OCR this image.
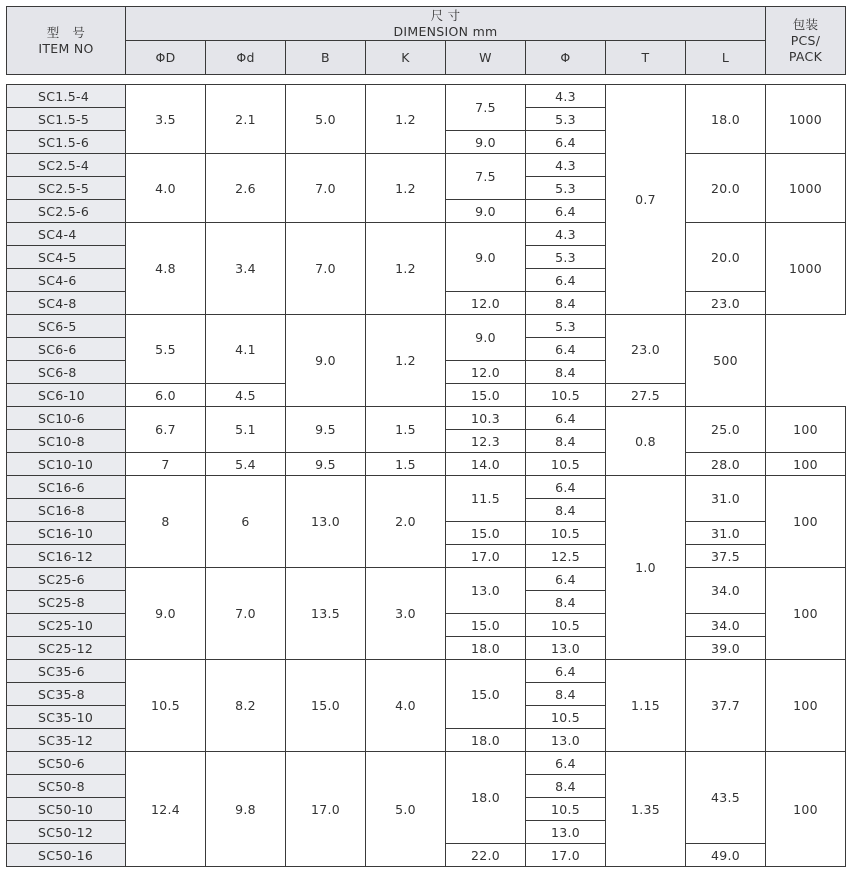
型　号
ITEM NO	尺 寸
DIMENSION mm								包装
PCS/
PACK

	ΦD	Φd	B	K	W	Φ	T	L	
SC1.5-4	3.5	2.1	5.0	1.2	7.5	4.3	0.7	18.0	1000
SC1.5-5						5.3			
SC1.5-6					9.0	6.4			
SC2.5-4	4.0	2.6	7.0	1.2	7.5	4.3		20.0	1000
SC2.5-5						5.3			
SC2.5-6					9.0	6.4			
SC4-4	4.8	3.4	7.0	1.2	9.0	4.3		20.0	1000
SC4-5						5.3			
SC4-6						6.4			
SC4-8					12.0	8.4		23.0	
SC6-5	5.5	4.1	9.0	1.2	9.0	5.3	23.0	500	
SC6-6						6.4			
SC6-8					12.0	8.4			
SC6-10	6.0	4.5			15.0	10.5	27.5		
SC10-6	6.7	5.1	9.5	1.5	10.3	6.4	0.8	25.0	100
SC10-8					12.3	8.4			
SC10-10	7	5.4	9.5	1.5	14.0	10.5		28.0	100
SC16-6	8	6	13.0	2.0	11.5	6.4	1.0	31.0	100
SC16-8						8.4			
SC16-10					15.0	10.5		31.0	
SC16-12					17.0	12.5		37.5	
SC25-6	9.0	7.0	13.5	3.0	13.0	6.4		34.0	100
SC25-8						8.4			
SC25-10					15.0	10.5		34.0	
SC25-12					18.0	13.0		39.0	
SC35-6	10.5	8.2	15.0	4.0	15.0	6.4	1.15	37.7	100
SC35-8						8.4			
SC35-10						10.5			
SC35-12					18.0	13.0			
SC50-6	12.4	9.8	17.0	5.0	18.0	6.4	1.35	43.5	100
SC50-8						8.4			
SC50-10						10.5			
SC50-12						13.0			
SC50-16					22.0	17.0		49.0	
